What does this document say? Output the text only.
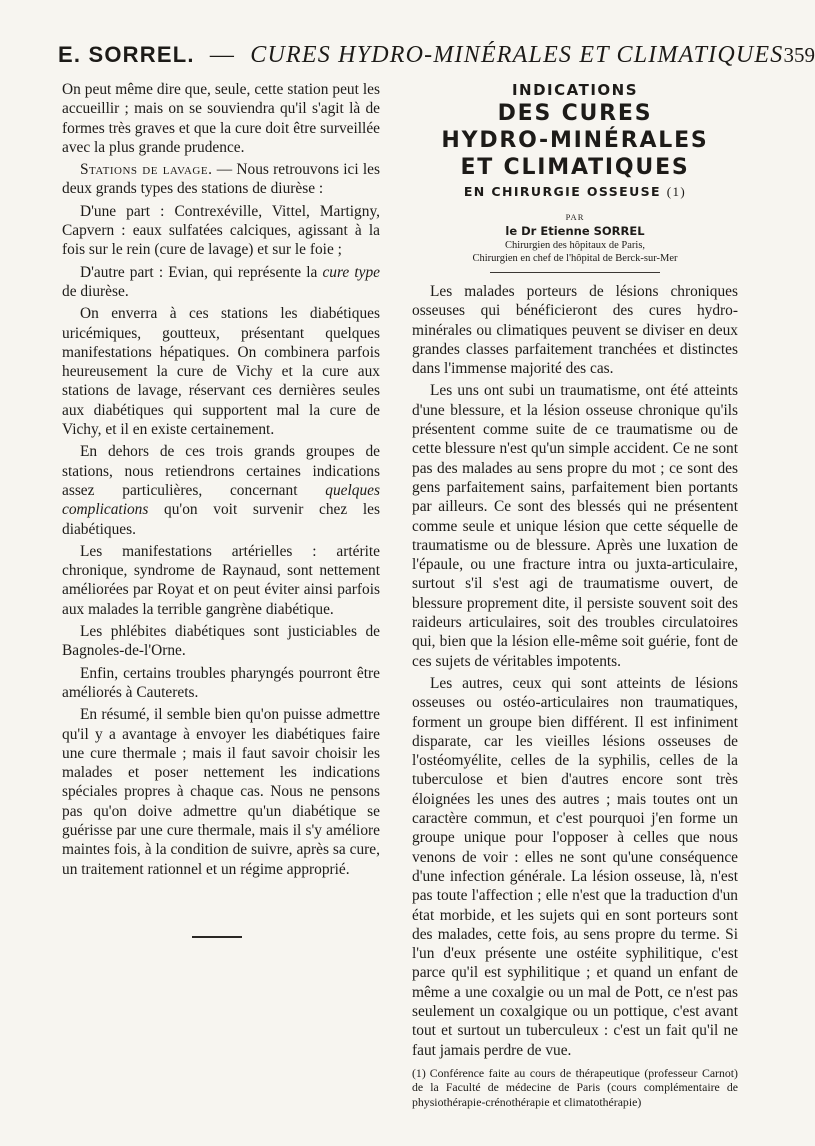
E. SORREL. — CURES HYDRO-MINÉRALES ET CLIMATIQUES 359

On peut même dire que, seule, cette station peut les accueillir ; mais on se souviendra qu'il s'agit là de formes très graves et que la cure doit être surveillée avec la plus grande prudence.

Stations de lavage. — Nous retrouvons ici les deux grands types des stations de diurèse :

D'une part : Contrexéville, Vittel, Martigny, Capvern : eaux sulfatées calciques, agissant à la fois sur le rein (cure de lavage) et sur le foie ;

D'autre part : Evian, qui représente la cure type de diurèse.

On enverra à ces stations les diabétiques uricémiques, goutteux, présentant quelques manifestations hépatiques. On combinera parfois heureusement la cure de Vichy et la cure aux stations de lavage, réservant ces dernières seules aux diabétiques qui supportent mal la cure de Vichy, et il en existe certainement.

En dehors de ces trois grands groupes de stations, nous retiendrons certaines indications assez particulières, concernant quelques complications qu'on voit survenir chez les diabétiques.

Les manifestations artérielles : artérite chronique, syndrome de Raynaud, sont nettement améliorées par Royat et on peut éviter ainsi parfois aux malades la terrible gangrène diabétique.

Les phlébites diabétiques sont justiciables de Bagnoles-de-l'Orne.

Enfin, certains troubles pharyngés pourront être améliorés à Cauterets.

En résumé, il semble bien qu'on puisse admettre qu'il y a avantage à envoyer les diabétiques faire une cure thermale ; mais il faut savoir choisir les malades et poser nettement les indications spéciales propres à chaque cas. Nous ne pensons pas qu'on doive admettre qu'un diabétique se guérisse par une cure thermale, mais il s'y améliore maintes fois, à la condition de suivre, après sa cure, un traitement rationnel et un régime approprié.

INDICATIONS
DES CURES
HYDRO-MINÉRALES
ET CLIMATIQUES
EN CHIRURGIE OSSEUSE (1)
PAR
le Dr Etienne SORREL
Chirurgien des hôpitaux de Paris,
Chirurgien en chef de l'hôpital de Berck-sur-Mer

Les malades porteurs de lésions chroniques osseuses qui bénéficieront des cures hydro-minérales ou climatiques peuvent se diviser en deux grandes classes parfaitement tranchées et distinctes dans l'immense majorité des cas.

Les uns ont subi un traumatisme, ont été atteints d'une blessure, et la lésion osseuse chronique qu'ils présentent comme suite de ce traumatisme ou de cette blessure n'est qu'un simple accident. Ce ne sont pas des malades au sens propre du mot ; ce sont des gens parfaitement sains, parfaitement bien portants par ailleurs. Ce sont des blessés qui ne présentent comme seule et unique lésion que cette séquelle de traumatisme ou de blessure. Après une luxation de l'épaule, ou une fracture intra ou juxta-articulaire, surtout s'il s'est agi de traumatisme ouvert, de blessure proprement dite, il persiste souvent soit des raideurs articulaires, soit des troubles circulatoires qui, bien que la lésion elle-même soit guérie, font de ces sujets de véritables impotents.

Les autres, ceux qui sont atteints de lésions osseuses ou ostéo-articulaires non traumatiques, forment un groupe bien différent. Il est infiniment disparate, car les vieilles lésions osseuses de l'ostéomyélite, celles de la syphilis, celles de la tuberculose et bien d'autres encore sont très éloignées les unes des autres ; mais toutes ont un caractère commun, et c'est pourquoi j'en forme un groupe unique pour l'opposer à celles que nous venons de voir : elles ne sont qu'une conséquence d'une infection générale. La lésion osseuse, là, n'est pas toute l'affection ; elle n'est que la traduction d'un état morbide, et les sujets qui en sont porteurs sont des malades, cette fois, au sens propre du terme. Si l'un d'eux présente une ostéite syphilitique, c'est parce qu'il est syphilitique ; et quand un enfant de même a une coxalgie ou un mal de Pott, ce n'est pas seulement un coxalgique ou un pottique, c'est avant tout et surtout un tuberculeux : c'est un fait qu'il ne faut jamais perdre de vue.

(1) Conférence faite au cours de thérapeutique (professeur Carnot) de la Faculté de médecine de Paris (cours complémentaire de physiothérapie-crénothérapie et climatothérapie)
